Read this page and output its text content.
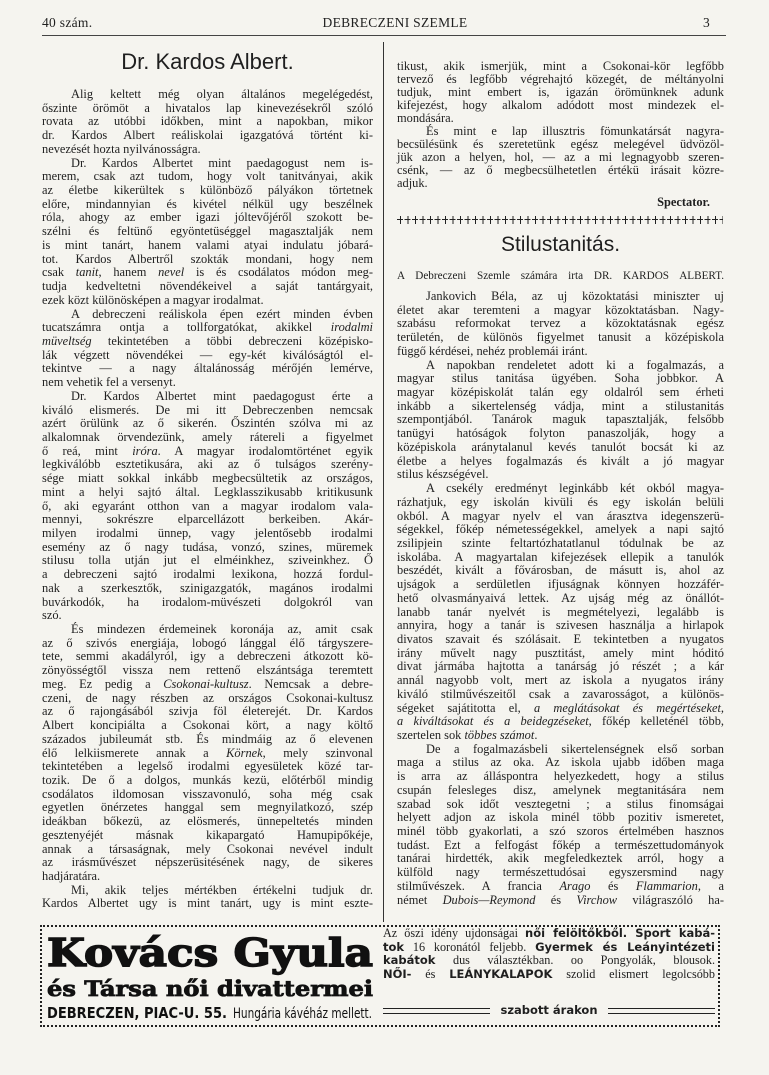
40 szám.	DEBRECZENI SZEMLE	3
Dr. Kardos Albert.
Alig keltett még olyan általános megelégedést,
őszinte örömöt a hivatalos lap kinevezésekről szóló
rovata az utóbbi időkben, mint a napokban, mikor
dr. Kardos Albert reáliskolai igazgatóvá történt ki-
nevezését hozta nyilvánosságra.
Dr. Kardos Albertet mint paedagogust nem is-
merem, csak azt tudom, hogy volt tanitványai, akik
az életbe kikerültek s különböző pályákon törtetnek
előre, mindannyian és kivétel nélkül ugy beszélnek
róla, ahogy az ember igazi jóltevőjéről szokott be-
szélni és feltünő egyöntetüséggel magasztalják nem
is mint tanárt, hanem valami atyai indulatu jóbará-
tot. Kardos Albertről szokták mondani, hogy nem
csak tanit, hanem nevel is és csodálatos módon meg-
tudja kedveltetni növendékeivel a saját tantárgyait,
ezek közt különösképen a magyar irodalmat.
A debreczeni reáliskola épen ezért minden évben
tucatszámra ontja a tollforgatókat, akikkel irodalmi
müveltség tekintetében a többi debreczeni középisko-
lák végzett növendékei — egy-két kiválóságtól el-
tekintve — a nagy általánosság mérőjén lemérve,
nem vehetik fel a versenyt.
Dr. Kardos Albertet mint paedagogust érte a
kiváló elismerés. De mi itt Debreczenben nemcsak
azért örülünk az ő sikerén. Őszintén szólva mi az
alkalomnak örvendezünk, amely rátereli a figyelmet
ő reá, mint iróra. A magyar irodalomtörténet egyik
legkiválóbb esztetikusára, aki az ő tulságos szerény-
sége miatt sokkal inkább megbecsültetik az országos,
mint a helyi sajtó által. Legklasszikusabb kritikusunk
ő, aki egyaránt otthon van a magyar irodalom vala-
mennyi, sokrészre elparcellázott berkeiben. Akár-
milyen irodalmi ünnep, vagy jelentősebb irodalmi
esemény az ő nagy tudása, vonzó, szines, müremek
stilusu tolla utján jut el elméinkhez, sziveinkhez. Ő
a debreczeni sajtó irodalmi lexikona, hozzá fordul-
nak a szerkesztők, szinigazgatók, magános irodalmi
buvárkodók, ha irodalom-müvészeti dolgokról van
szó.
És mindezen érdemeinek koronája az, amit csak
az ő szivós energiája, lobogó lánggal élő tárgyszere-
tete, semmi akadályról, igy a debreczeni átkozott kö-
zönyösségtől vissza nem rettenő elszántsága teremtett
meg. Ez pedig a Csokonai-kultusz. Nemcsak a debre-
czeni, de nagy részben az országos Csokonai-kultusz
az ő rajongásából szivja föl életerejét. Dr. Kardos
Albert koncipiálta a Csokonai kört, a nagy költő
százados jubileumát stb. És mindmáig az ő elevenen
élő lelkiismerete annak a Körnek, mely szinvonal
tekintetében a legelső irodalmi egyesületek közé tar-
tozik. De ő a dolgos, munkás kezü, előtérből mindig
csodálatos ildomosan visszavonuló, soha még csak
egyetlen önérzetes hanggal sem megnyilatkozó, szép
ideákban bőkezü, az elösmerés, ünnepeltetés minden
gesztenyéjét másnak kikapargató Hamupipőkéje,
annak a társaságnak, mely Csokonai nevével indult
az irásművészet népszerüsitésének nagy, de sikeres
hadjáratára.
Mi, akik teljes mértékben értékelni tudjuk dr.
Kardos Albertet ugy is mint tanárt, ugy is mint eszte-
tikust, akik ismerjük, mint a Csokonai-kör legfőbb
tervező és legfőbb végrehajtó közegét, de méltányolni
tudjuk, mint embert is, igazán örömünknek adunk
kifejezést, hogy alkalom adódott most mindezek el-
mondására.
És mint e lap illusztris fömunkatársát nagyra-
becsülésünk és szeretetünk egész melegével üdvözöl-
jük azon a helyen, hol, — az a mi legnagyobb szeren-
csénk, — az ő megbecsülhetetlen értékü irásait közre-
adjuk.
Spectator.
Stilustanitás.
A Debreczeni Szemle számára irta DR. KARDOS ALBERT.
Jankovich Béla, az uj közoktatási miniszter uj
életet akar teremteni a magyar közoktatásban. Nagy-
szabásu reformokat tervez a közoktatásnak egész
területén, de különös figyelmet tanusit a középiskola
függő kérdései, nehéz problemái iránt.
A napokban rendeletet adott ki a fogalmazás, a
magyar stilus tanitása ügyében. Soha jobbkor. A
magyar középiskolát talán egy oldalról sem érheti
inkább a sikertelenség vádja, mint a stilustanitás
szempontjából. Tanárok maguk tapasztalják, felsőbb
tanügyi hatóságok folyton panaszolják, hogy a
középiskola aránytalanul kevés tanulót bocsát ki az
életbe a helyes fogalmazás és kivált a jó magyar
stilus készségével.
A csekély eredményt leginkább két okból magya-
rázhatjuk, egy iskolán kivüli és egy iskolán belüli
okból. A magyar nyelv el van árasztva idegenszerü-
ségekkel, főkép németességekkel, amelyek a napi sajtó
zsilipjein szinte feltartózhatatlanul tódulnak be az
iskolába. A magyartalan kifejezések ellepik a tanulók
beszédét, kivált a fővárosban, de másutt is, ahol az
ujságok a serdületlen ifjuságnak könnyen hozzáfér-
hető olvasmányaivá lettek. Az ujság még az önállót-
lanabb tanár nyelvét is megmételyezi, legalább is
annyira, hogy a tanár is szivesen használja a hirlapok
divatos szavait és szólásait. E tekintetben a nyugatos
irány művelt nagy pusztitást, amely mint hóditó
divat jármába hajtotta a tanárság jó részét ; a kár
annál nagyobb volt, mert az iskola a nyugatos irány
kiváló stilművészeitől csak a zavarosságot, a különös-
ségeket sajátitotta el, a meglátásokat és megértéseket,
a kiváltásokat és a beidegzéseket, főkép kelleténél több,
szertelen sok többes számot.
De a fogalmazásbeli sikertelenségnek első sorban
maga a stilus az oka. Az iskola ujabb időben maga
is arra az álláspontra helyezkedett, hogy a stilus
csupán felesleges disz, amelynek megtanitására nem
szabad sok időt vesztegetni ; a stilus finomságai
helyett adjon az iskola minél több pozitiv ismeretet,
minél több gyakorlati, a szó szoros értelmében hasznos
tudást. Ezt a felfogást főkép a természettudományok
tanárai hirdették, akik megfeledkeztek arról, hogy a
külföld nagy természettudósai egyszersmind nagy
stilművészek. A francia Arago és Flammarion, a
német Dubois—Reymond és Virchow világraszóló ha-
Kovács Gyula
és Társa női divattermei
DEBRECZEN, PIAC-U. 55. Hungária kávéház mellett.
Az őszi idény ujdonságai női felöltőkből. Sport kabá-
tok 16 koronától feljebb. Gyermek és Leányintézeti
kabátok dus választékban. oo Pongyolák, blousok.
NŐI- és LEÁNYKALAPOK szolid elismert legolcsóbb
szabott árakon
